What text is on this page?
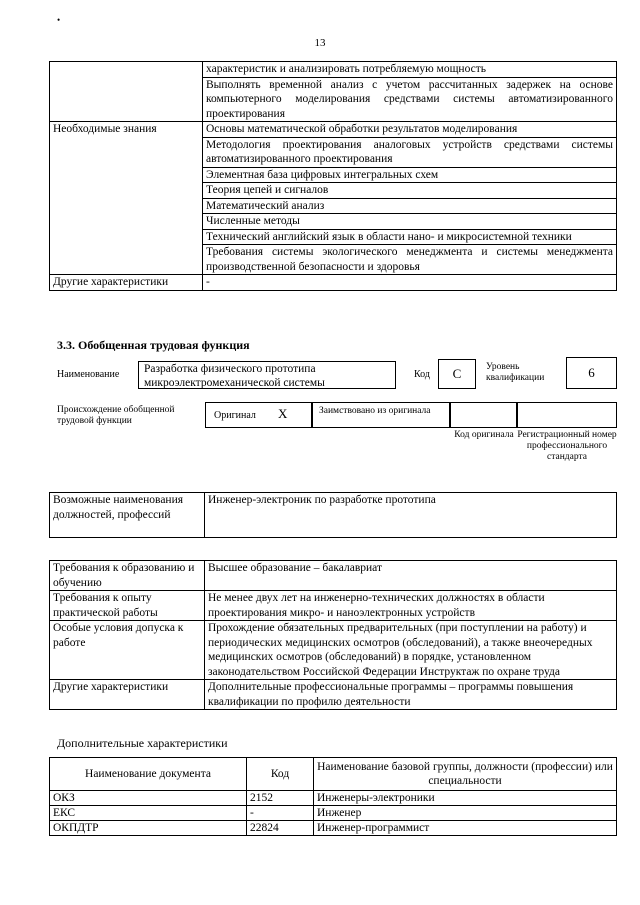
•
13
	характеристик и анализировать потребляемую мощность
	Выполнять временной анализ с учетом рассчитанных задержек на основе компьютерного моделирования средствами системы автоматизированного проектирования
Необходимые знания	Основы математической обработки результатов моделирования
	Методология проектирования аналоговых устройств средствами системы автоматизированного проектирования
	Элементная база цифровых интегральных схем
	Теория цепей и сигналов
	Математический анализ
	Численные методы
	Технический английский язык в области нано- и микросистемной техники
	Требования системы экологического менеджмента и системы менеджмента производственной безопасности и здоровья
Другие характеристики	-
3.3. Обобщенная трудовая функция
Наименование	Разработка физического прототипа микроэлектромеханической системы
Код	C	Уровень квалификации	6
Происхождение обобщенной трудовой функции	Оригинал X	Заимствовано из оригинала
Код оригинала Регистрационный номер профессионального стандарта
Возможные наименования должностей, профессий	Инженер-электроник по разработке прототипа
Требования к образованию и обучению	Высшее образование – бакалавриат
Требования к опыту практической работы	Не менее двух лет на инженерно-технических должностях в области проектирования микро- и наноэлектронных устройств
Особые условия допуска к работе	Прохождение обязательных предварительных (при поступлении на работу) и периодических медицинских осмотров (обследований), а также внеочередных медицинских осмотров (обследований) в порядке, установленном законодательством Российской Федерации Инструктаж по охране труда
Другие характеристики	Дополнительные профессиональные программы – программы повышения квалификации по профилю деятельности
Дополнительные характеристики
Наименование документа	Код	Наименование базовой группы, должности (профессии) или специальности
ОКЗ	2152	Инженеры-электроники
ЕКС	-	Инженер
ОКПДТР	22824	Инженер-программист
